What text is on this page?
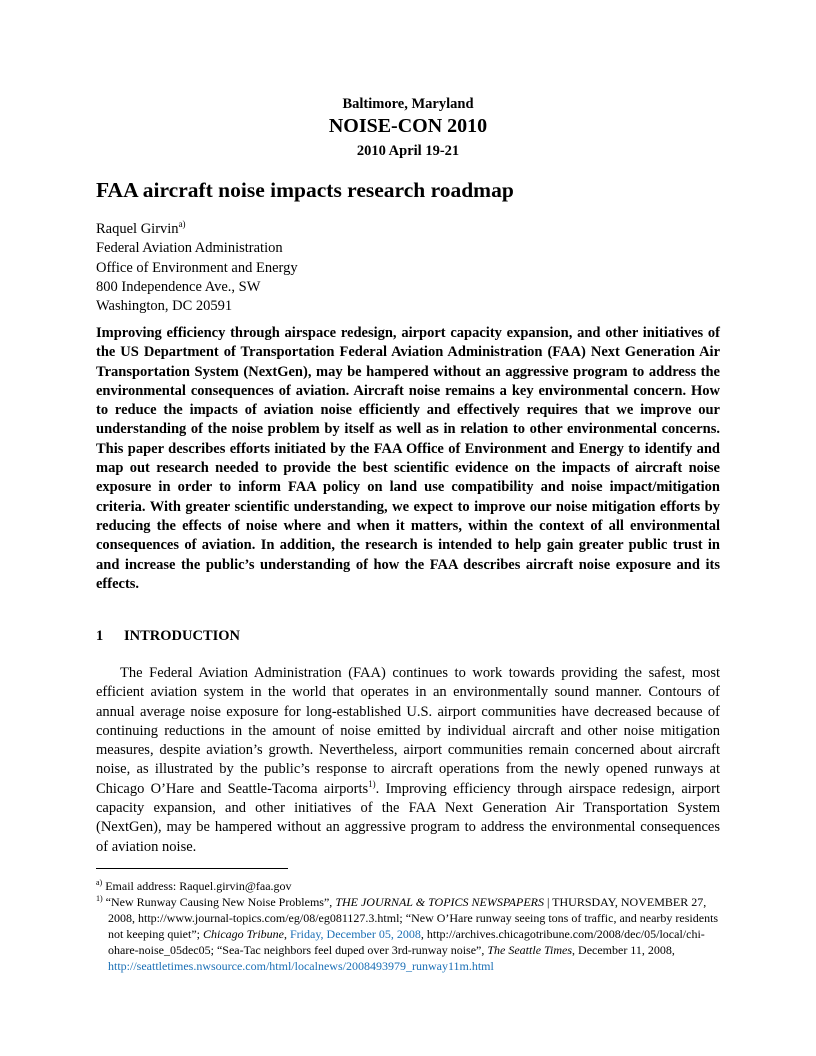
Baltimore, Maryland
NOISE-CON 2010
2010 April 19-21
FAA aircraft noise impacts research roadmap
Raquel Girvin$^{a)}$
Federal Aviation Administration
Office of Environment and Energy
800 Independence Ave., SW
Washington, DC 20591
Improving efficiency through airspace redesign, airport capacity expansion, and other initiatives of the US Department of Transportation Federal Aviation Administration (FAA) Next Generation Air Transportation System (NextGen), may be hampered without an aggressive program to address the environmental consequences of aviation. Aircraft noise remains a key environmental concern. How to reduce the impacts of aviation noise efficiently and effectively requires that we improve our understanding of the noise problem by itself as well as in relation to other environmental concerns. This paper describes efforts initiated by the FAA Office of Environment and Energy to identify and map out research needed to provide the best scientific evidence on the impacts of aircraft noise exposure in order to inform FAA policy on land use compatibility and noise impact/mitigation criteria. With greater scientific understanding, we expect to improve our noise mitigation efforts by reducing the effects of noise where and when it matters, within the context of all environmental consequences of aviation. In addition, the research is intended to help gain greater public trust in and increase the public’s understanding of how the FAA describes aircraft noise exposure and its effects.
1 INTRODUCTION
The Federal Aviation Administration (FAA) continues to work towards providing the safest, most efficient aviation system in the world that operates in an environmentally sound manner. Contours of annual average noise exposure for long-established U.S. airport communities have decreased because of continuing reductions in the amount of noise emitted by individual aircraft and other noise mitigation measures, despite aviation’s growth. Nevertheless, airport communities remain concerned about aircraft noise, as illustrated by the public’s response to aircraft operations from the newly opened runways at Chicago O’Hare and Seattle-Tacoma airports$^{1)}$. Improving efficiency through airspace redesign, airport capacity expansion, and other initiatives of the FAA Next Generation Air Transportation System (NextGen), may be hampered without an aggressive program to address the environmental consequences of aviation noise.
$^{a)}$ Email address: Raquel.girvin@faa.gov
$^{1)}$ “New Runway Causing New Noise Problems”, THE JOURNAL & TOPICS NEWSPAPERS | THURSDAY, NOVEMBER 27, 2008, http://www.journal-topics.com/eg/08/eg081127.3.html; “New O’Hare runway seeing tons of traffic, and nearby residents not keeping quiet”; Chicago Tribune, Friday, December 05, 2008, http://archives.chicagotribune.com/2008/dec/05/local/chi-ohare-noise_05dec05; “Sea-Tac neighbors feel duped over 3rd-runway noise”, The Seattle Times, December 11, 2008, http://seattletimes.nwsource.com/html/localnews/2008493979_runway11m.html
